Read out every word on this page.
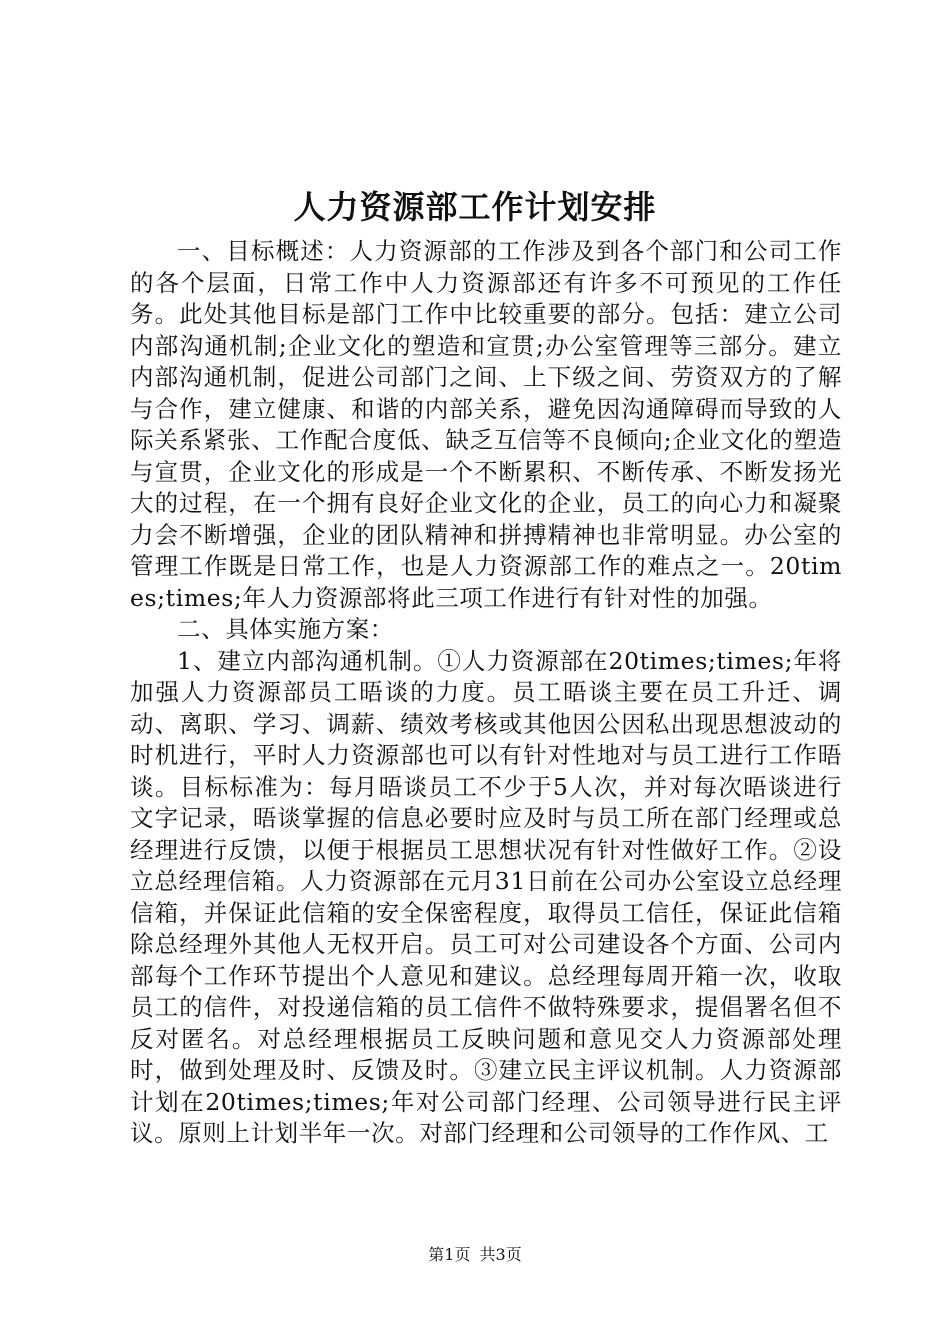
人力资源部工作计划安排

一、目标概述：人力资源部的工作涉及到各个部门和公司工作的各个层面，日常工作中人力资源部还有许多不可预见的工作任务。此处其他目标是部门工作中比较重要的部分。包括：建立公司内部沟通机制;企业文化的塑造和宣贯;办公室管理等三部分。建立内部沟通机制，促进公司部门之间、上下级之间、劳资双方的了解与合作，建立健康、和谐的内部关系，避免因沟通障碍而导致的人际关系紧张、工作配合度低、缺乏互信等不良倾向;企业文化的塑造与宣贯，企业文化的形成是一个不断累积、不断传承、不断发扬光大的过程，在一个拥有良好企业文化的企业，员工的向心力和凝聚力会不断增强，企业的团队精神和拼搏精神也非常明显。办公室的管理工作既是日常工作，也是人力资源部工作的难点之一。20times;times;年人力资源部将此三项工作进行有针对性的加强。

二、具体实施方案：

1、建立内部沟通机制。①人力资源部在20times;times;年将加强人力资源部员工晤谈的力度。员工晤谈主要在员工升迁、调动、离职、学习、调薪、绩效考核或其他因公因私出现思想波动的时机进行，平时人力资源部也可以有针对性地对与员工进行工作晤谈。目标标准为：每月晤谈员工不少于5人次，并对每次晤谈进行文字记录，晤谈掌握的信息必要时应及时与员工所在部门经理或总经理进行反馈，以便于根据员工思想状况有针对性做好工作。②设立总经理信箱。人力资源部在元月31日前在公司办公室设立总经理信箱，并保证此信箱的安全保密程度，取得员工信任，保证此信箱除总经理外其他人无权开启。员工可对公司建设各个方面、公司内部每个工作环节提出个人意见和建议。总经理每周开箱一次，收取员工的信件，对投递信箱的员工信件不做特殊要求，提倡署名但不反对匿名。对总经理根据员工反映问题和意见交人力资源部处理时，做到处理及时、反馈及时。③建立民主评议机制。人力资源部计划在20times;times;年对公司部门经理、公司领导进行民主评议。原则上计划半年一次。对部门经理和公司领导的工作作风、工

第1页 共3页
